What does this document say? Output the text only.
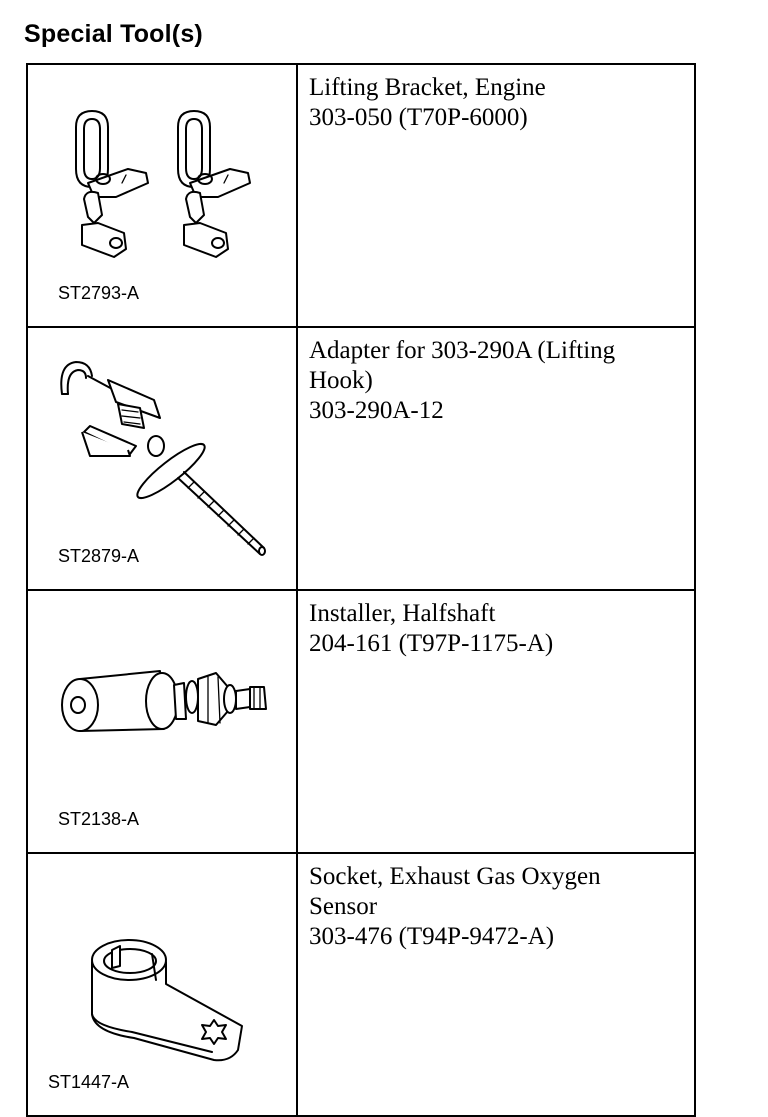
Special Tool(s)
ST2793-A	Lifting Bracket, Engine
303-050 (T70P-6000)

ST2879-A	Adapter for 303-290A (Lifting
Hook)
303-290A-12

ST2138-A	Installer, Halfshaft
204-161 (T97P-1175-A)

ST1447-A	Socket, Exhaust Gas Oxygen
Sensor
303-476 (T94P-9472-A)
